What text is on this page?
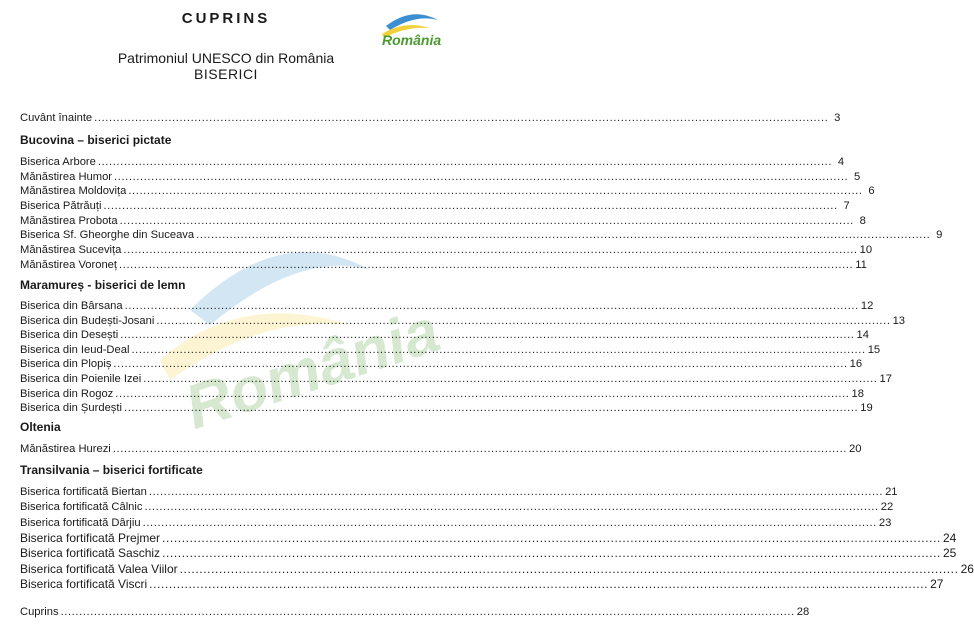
România
România
CUPRINS
Patrimoniul UNESCO din România
BISERICI
Cuvânt înainte .....	3
Bucovina – biserici pictate
Biserica Arbore .....	4
Mănăstirea Humor .....	5
Mănăstirea Moldovița .....	6
Biserica Pătrăuți .....	7
Mănăstirea Probota .....	8
Biserica Sf. Gheorghe din Suceava .....	9
Mănăstirea Sucevița .....	10
Mănăstirea Voroneț .....	11
Maramureș - biserici de lemn
Biserica din Bârsana .....	12
Biserica din Budești-Josani .....	13
Biserica din Desești .....	14
Biserica din Ieud-Deal .....	15
Biserica din Plopiș .....	16
Biserica din Poienile Izei .....	17
Biserica din Rogoz .....	18
Biserica din Șurdești .....	19
Oltenia
Mănăstirea Hurezi .....	20
Transilvania – biserici fortificate
Biserica fortificată Biertan .....	21
Biserica fortificată Câlnic .....	22
Biserica fortificată Dârjiu .....	23
Biserica fortificată Prejmer .....	24
Biserica fortificată Saschiz .....	25
Biserica fortificată Valea Viilor .....	26
Biserica fortificată Viscri .....	27
Cuprins .....	28
